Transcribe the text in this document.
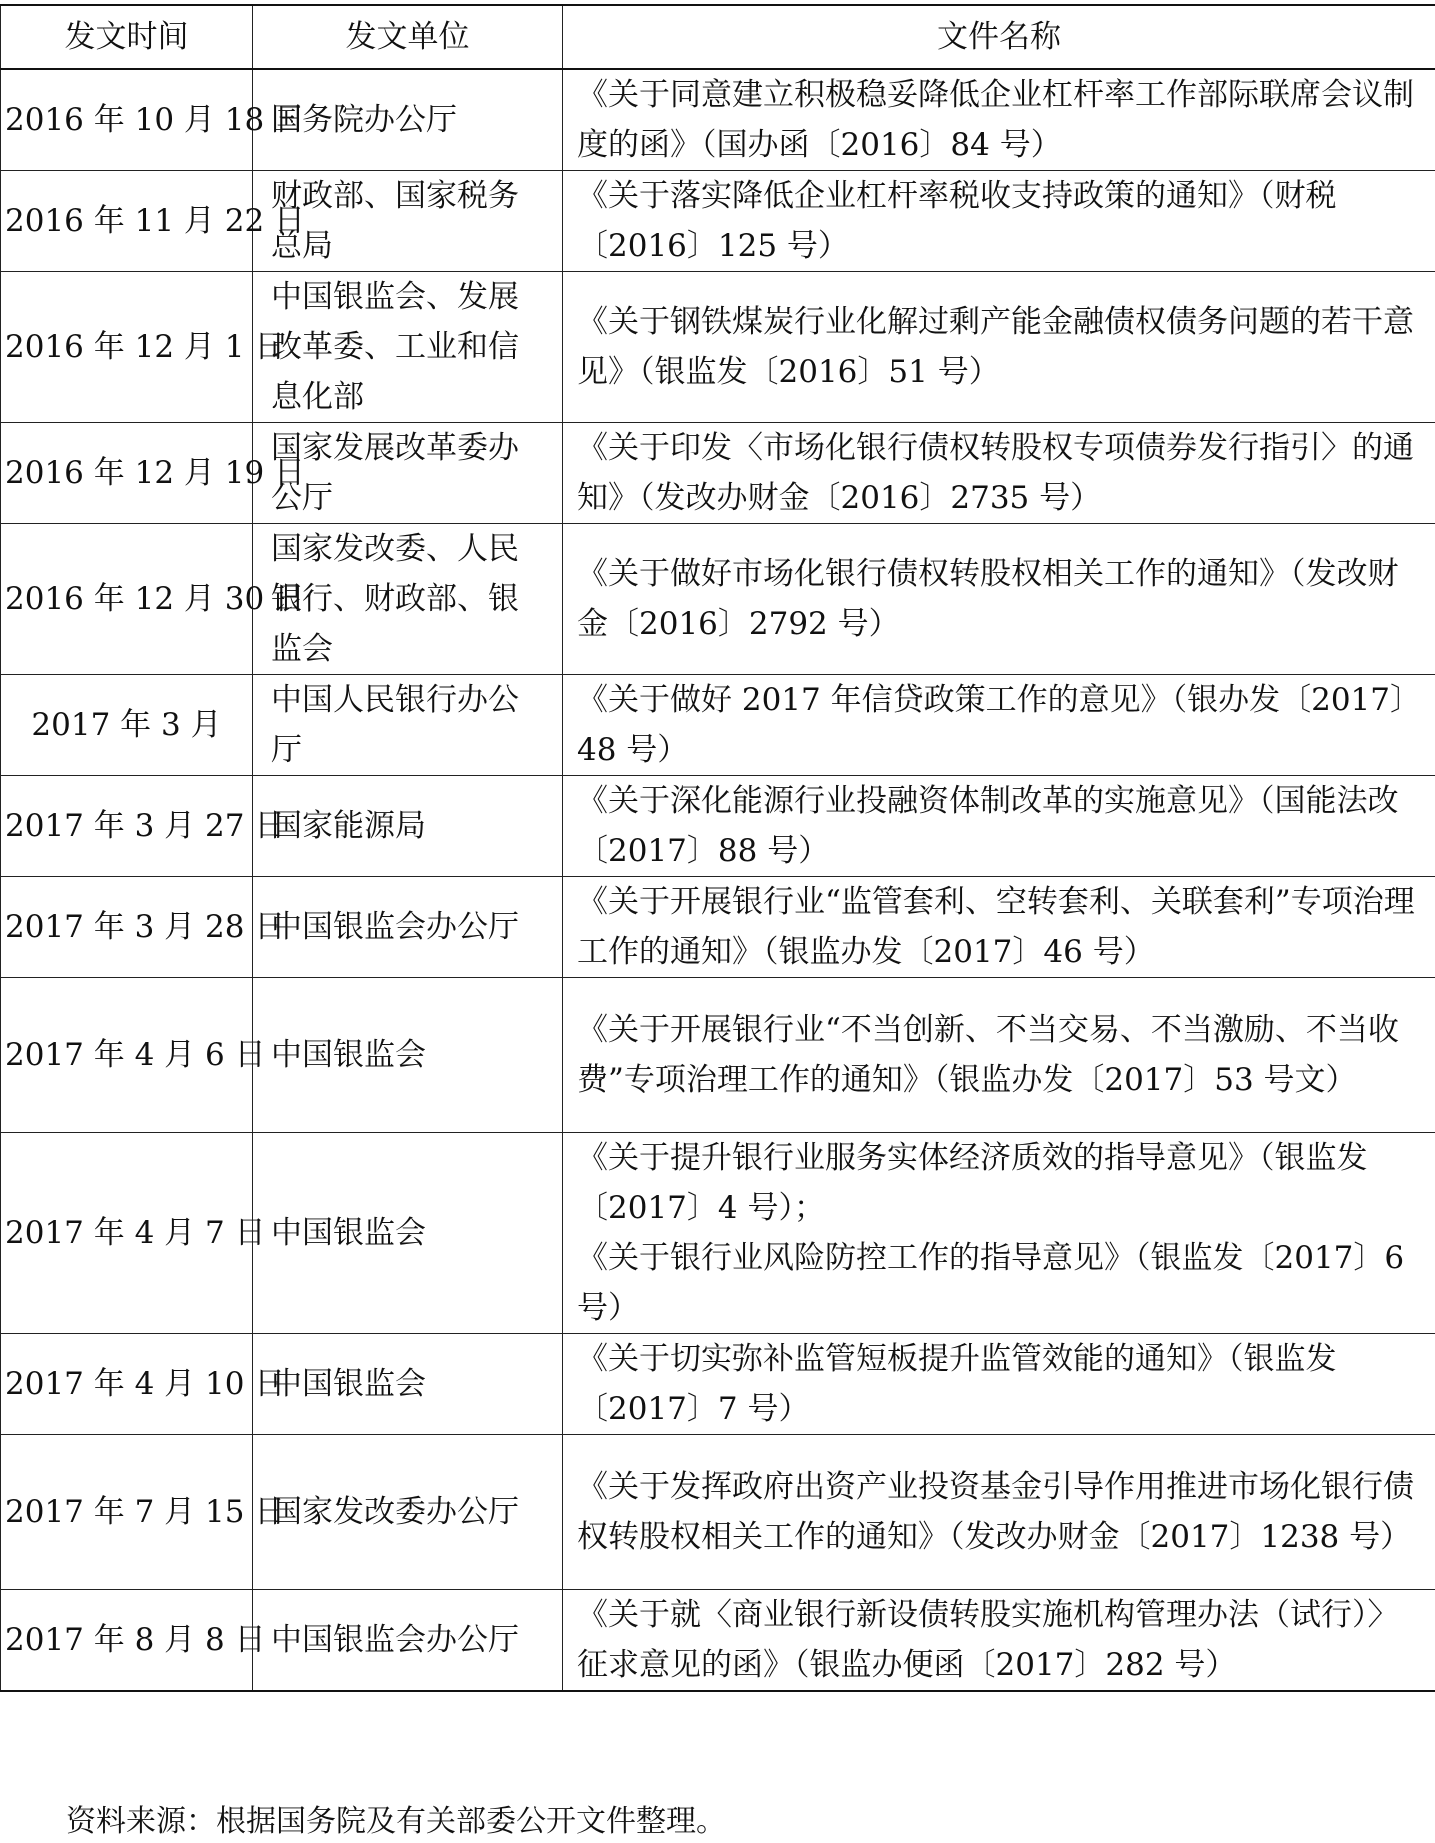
发文时间	发文单位	文件名称
2016 年 10 月 18 日	国务院办公厅	《关于同意建立积极稳妥降低企业杠杆率工作部际联席会议制度的函》（国办函〔2016〕84 号）

2016 年 11 月 22 日	财政部、国家税务总局	《关于落实降低企业杠杆率税收支持政策的通知》（财税〔2016〕125 号）

2016 年 12 月 1 日	中国银监会、发展改革委、工业和信息化部	《关于钢铁煤炭行业化解过剩产能金融债权债务问题的若干意见》（银监发〔2016〕51 号）

2016 年 12 月 19 日	国家发展改革委办公厅	《关于印发〈市场化银行债权转股权专项债券发行指引〉的通知》（发改办财金〔2016〕2735 号）

2016 年 12 月 30 日	国家发改委、人民银行、财政部、银监会	《关于做好市场化银行债权转股权相关工作的通知》（发改财金〔2016〕2792 号）

2017 年 3 月	中国人民银行办公厅	《关于做好 2017 年信贷政策工作的意见》（银办发〔2017〕48 号）

2017 年 3 月 27 日	国家能源局	《关于深化能源行业投融资体制改革的实施意见》（国能法改〔2017〕88 号）

2017 年 3 月 28 日	中国银监会办公厅	《关于开展银行业“监管套利、空转套利、关联套利”专项治理工作的通知》（银监办发〔2017〕46 号）

2017 年 4 月 6 日	中国银监会	《关于开展银行业“不当创新、不当交易、不当激励、不当收费”专项治理工作的通知》（银监办发〔2017〕53 号文）

2017 年 4 月 7 日	中国银监会	《关于提升银行业服务实体经济质效的指导意见》（银监发〔2017〕4 号）；
《关于银行业风险防控工作的指导意见》（银监发〔2017〕6 号）

2017 年 4 月 10 日	中国银监会	《关于切实弥补监管短板提升监管效能的通知》（银监发〔2017〕7 号）

2017 年 7 月 15 日	国家发改委办公厅	《关于发挥政府出资产业投资基金引导作用推进市场化银行债权转股权相关工作的通知》（发改办财金〔2017〕1238 号）

2017 年 8 月 8 日	中国银监会办公厅	《关于就〈商业银行新设债转股实施机构管理办法（试行）〉征求意见的函》（银监办便函〔2017〕282 号）
资料来源：根据国务院及有关部委公开文件整理。
